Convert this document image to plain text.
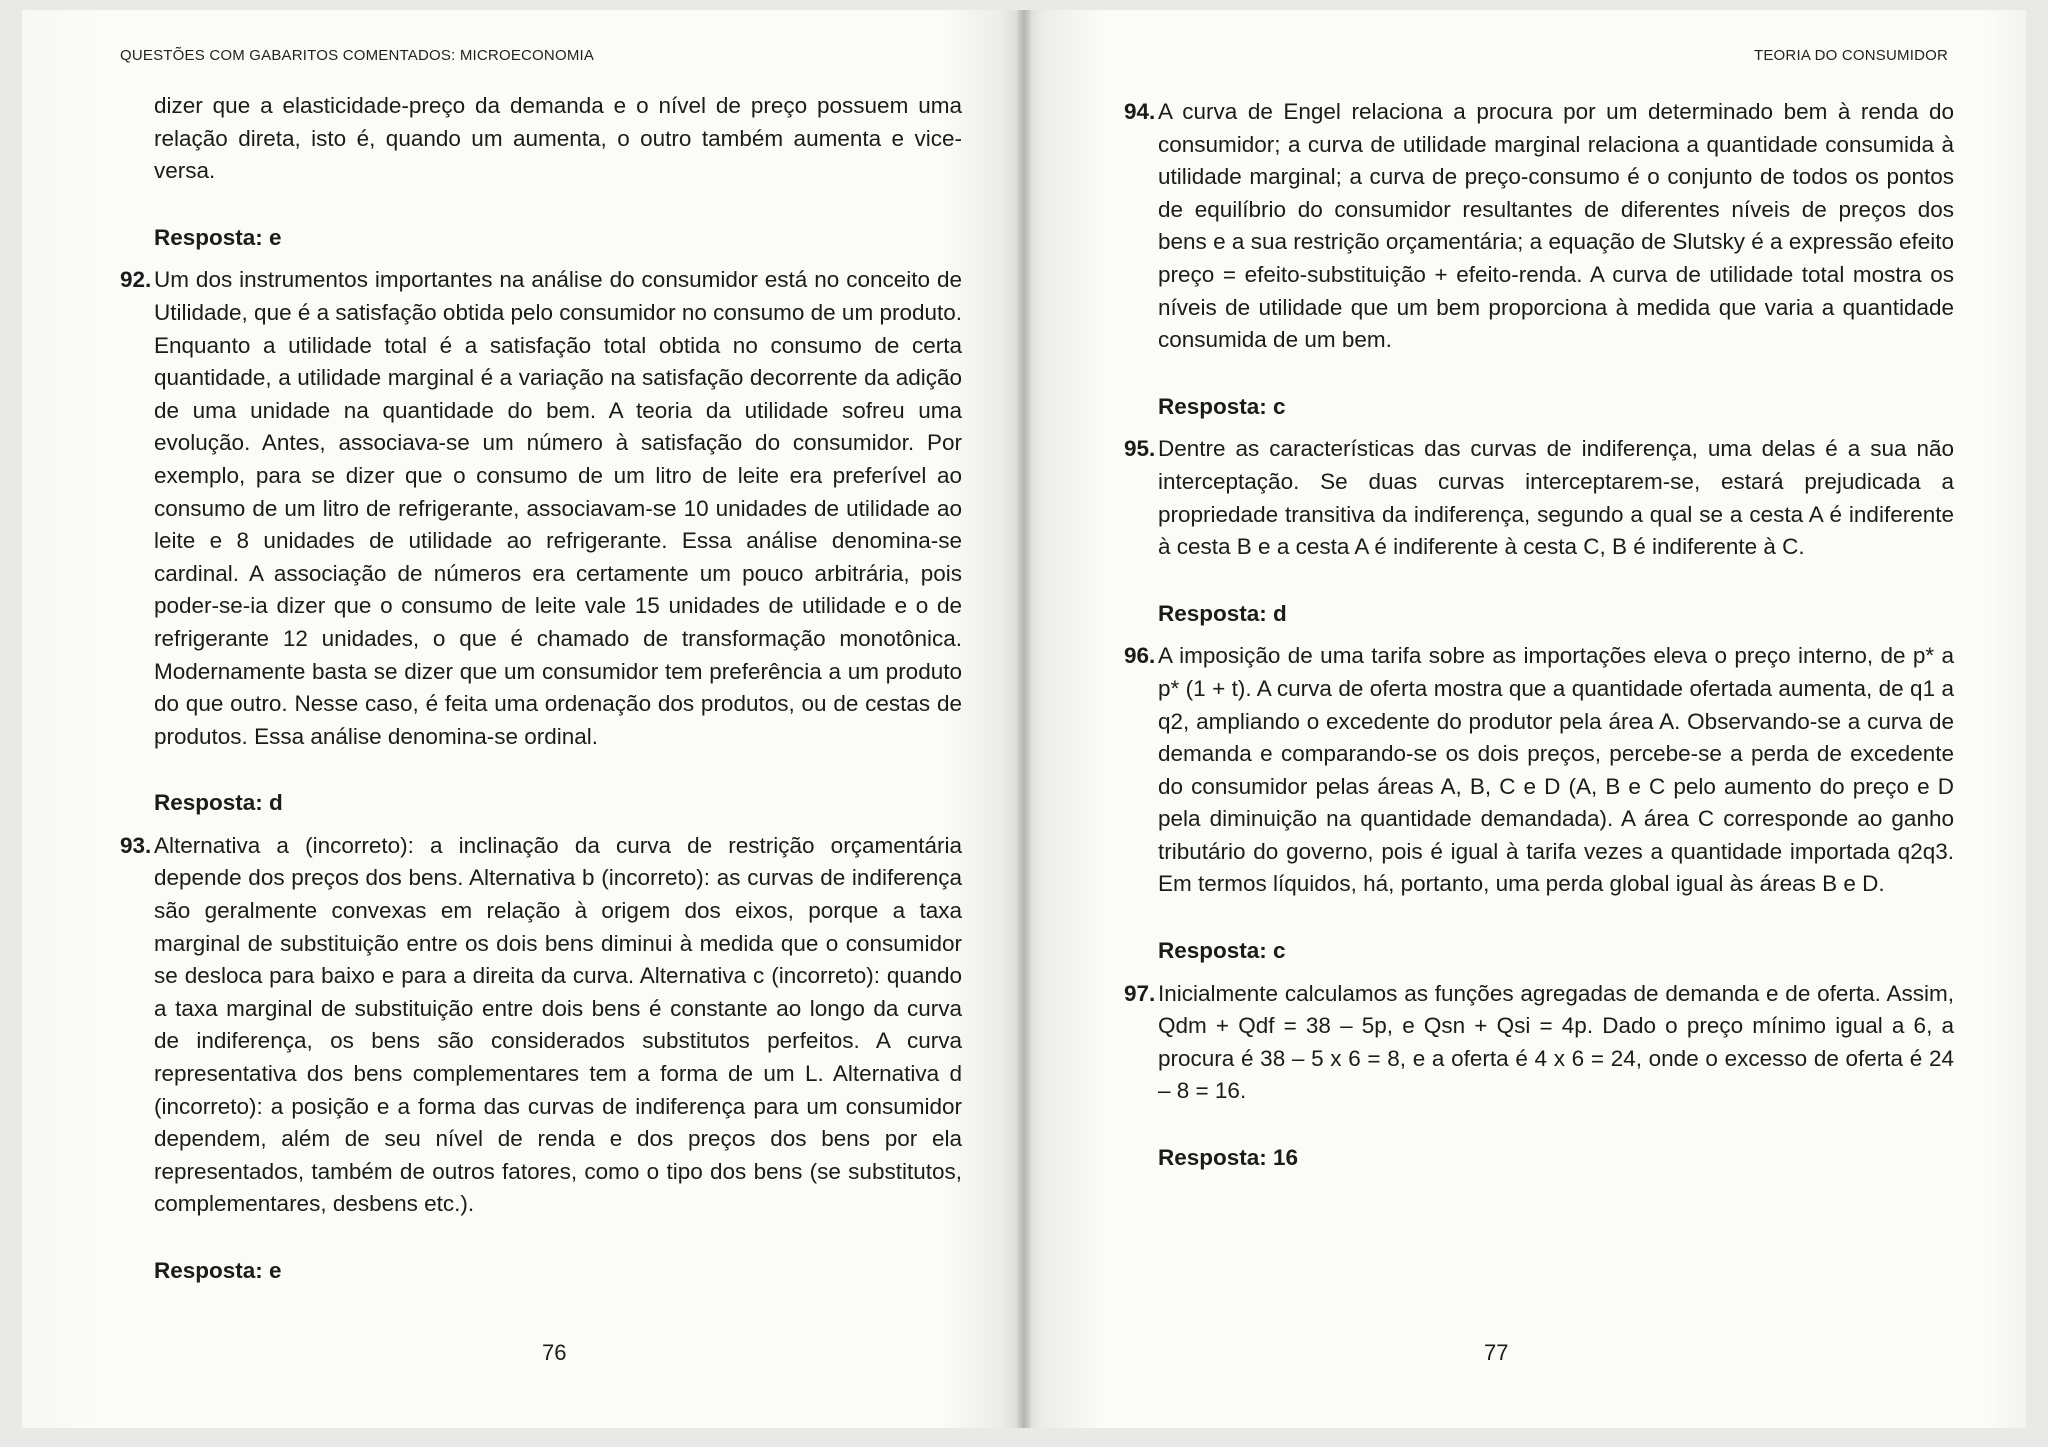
QUESTÕES COM GABARITOS COMENTADOS: MICROECONOMIA

dizer que a elasticidade-preço da demanda e o nível de preço possuem uma relação direta, isto é, quando um aumenta, o outro também aumenta e vice-versa.

Resposta: e
92. Um dos instrumentos importantes na análise do consumidor está no conceito de Utilidade, que é a satisfação obtida pelo consumidor no consumo de um produto. Enquanto a utilidade total é a satisfação total obtida no consumo de certa quantidade, a utilidade marginal é a variação na satisfação decorrente da adição de uma unidade na quantidade do bem. A teoria da utilidade sofreu uma evolução. Antes, associava-se um número à satisfação do consumidor. Por exemplo, para se dizer que o consumo de um litro de leite era preferível ao consumo de um litro de refrigerante, associavam-se 10 unidades de utilidade ao leite e 8 unidades de utilidade ao refrigerante. Essa análise denomina-se cardinal. A associação de números era certamente um pouco arbitrária, pois poder-se-ia dizer que o consumo de leite vale 15 unidades de utilidade e o de refrigerante 12 unidades, o que é chamado de transformação monotônica. Modernamente basta se dizer que um consumidor tem preferência a um produto do que outro. Nesse caso, é feita uma ordenação dos produtos, ou de cestas de produtos. Essa análise denomina-se ordinal.

Resposta: d
93. Alternativa a (incorreto): a inclinação da curva de restrição orçamentária depende dos preços dos bens. Alternativa b (incorreto): as curvas de indiferença são geralmente convexas em relação à origem dos eixos, porque a taxa marginal de substituição entre os dois bens diminui à medida que o consumidor se desloca para baixo e para a direita da curva. Alternativa c (incorreto): quando a taxa marginal de substituição entre dois bens é constante ao longo da curva de indiferença, os bens são considerados substitutos perfeitos. A curva representativa dos bens complementares tem a forma de um L. Alternativa d (incorreto): a posição e a forma das curvas de indiferença para um consumidor dependem, além de seu nível de renda e dos preços dos bens por ela representados, também de outros fatores, como o tipo dos bens (se substitutos, complementares, desbens etc.).

Resposta: e
76
TEORIA DO CONSUMIDOR
94. A curva de Engel relaciona a procura por um determinado bem à renda do consumidor; a curva de utilidade marginal relaciona a quantidade consumida à utilidade marginal; a curva de preço-consumo é o conjunto de todos os pontos de equilíbrio do consumidor resultantes de diferentes níveis de preços dos bens e a sua restrição orçamentária; a equação de Slutsky é a expressão efeito preço = efeito-substituição + efeito-renda. A curva de utilidade total mostra os níveis de utilidade que um bem proporciona à medida que varia a quantidade consumida de um bem.

Resposta: c
95. Dentre as características das curvas de indiferença, uma delas é a sua não interceptação. Se duas curvas interceptarem-se, estará prejudicada a propriedade transitiva da indiferença, segundo a qual se a cesta A é indiferente à cesta B e a cesta A é indiferente à cesta C, B é indiferente à C.

Resposta: d
96. A imposição de uma tarifa sobre as importações eleva o preço interno, de p* a p* (1 + t). A curva de oferta mostra que a quantidade ofertada aumenta, de q1 a q2, ampliando o excedente do produtor pela área A. Observando-se a curva de demanda e comparando-se os dois preços, percebe-se a perda de excedente do consumidor pelas áreas A, B, C e D (A, B e C pelo aumento do preço e D pela diminuição na quantidade demandada). A área C corresponde ao ganho tributário do governo, pois é igual à tarifa vezes a quantidade importada q2q3. Em termos líquidos, há, portanto, uma perda global igual às áreas B e D.

Resposta: c
97. Inicialmente calculamos as funções agregadas de demanda e de oferta. Assim, Qdm + Qdf = 38 – 5p, e Qsn + Qsi = 4p. Dado o preço mínimo igual a 6, a procura é 38 – 5 x 6 = 8, e a oferta é 4 x 6 = 24, onde o excesso de oferta é 24 – 8 = 16.

Resposta: 16
77
